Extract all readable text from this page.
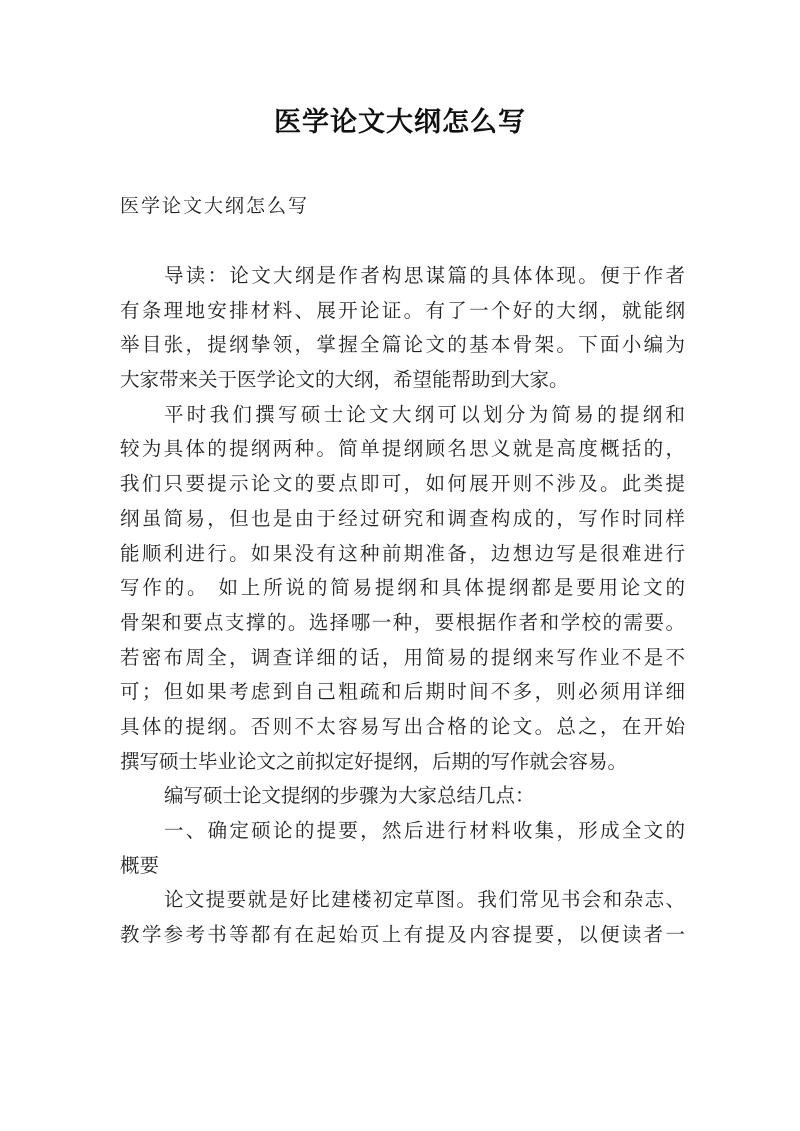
医学论文大纲怎么写
医学论文大纲怎么写
导读：论文大纲是作者构思谋篇的具体体现。便于作者
有条理地安排材料、展开论证。有了一个好的大纲，就能纲
举目张，提纲挚领，掌握全篇论文的基本骨架。下面小编为
大家带来关于医学论文的大纲，希望能帮助到大家。
平时我们撰写硕士论文大纲可以划分为简易的提纲和
较为具体的提纲两种。简单提纲顾名思义就是高度概括的，
我们只要提示论文的要点即可，如何展开则不涉及。此类提
纲虽简易，但也是由于经过研究和调查构成的，写作时同样
能顺利进行。如果没有这种前期准备，边想边写是很难进行
写作的。 如上所说的简易提纲和具体提纲都是要用论文的
骨架和要点支撑的。选择哪一种，要根据作者和学校的需要。
若密布周全，调查详细的话，用简易的提纲来写作业不是不
可；但如果考虑到自己粗疏和后期时间不多，则必须用详细
具体的提纲。否则不太容易写出合格的论文。总之，在开始
撰写硕士毕业论文之前拟定好提纲，后期的写作就会容易。
编写硕士论文提纲的步骤为大家总结几点：
一、确定硕论的提要，然后进行材料收集，形成全文的
概要
论文提要就是好比建楼初定草图。我们常见书会和杂志、
教学参考书等都有在起始页上有提及内容提要，以便读者一
